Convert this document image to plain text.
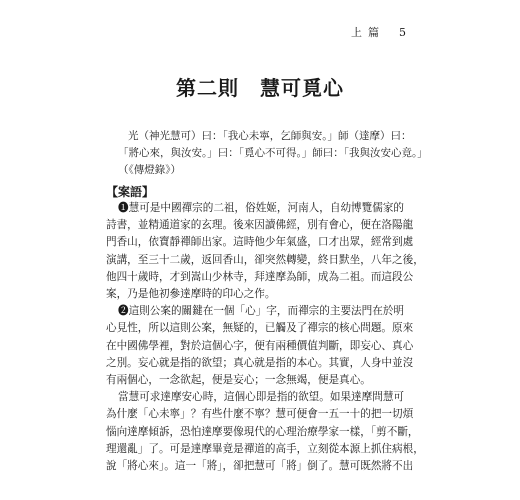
上篇 5
第二則　慧可覓心
光（神光慧可）曰：「我心未寧，乞師與安。」師（達摩）曰：
「將心來，與汝安。」曰：「覓心不可得。」師曰：「我與汝安心竟。」
（《傳燈錄》）
【案語】

❶慧可是中國禪宗的二祖，俗姓姬，河南人，自幼博覽儒家的
詩書，並精通道家的玄理。後來因讀佛經，別有會心，便在洛陽龍
門香山，依寶靜禪師出家。這時他少年氣盛，口才出眾，經常到處
演講，至三十二歲，返回香山，卻突然轉變，終日默坐，八年之後，
他四十歲時，才到嵩山少林寺，拜達摩為師，成為二祖。而這段公
案，乃是他初參達摩時的印心之作。

❷這則公案的關鍵在一個「心」字，而禪宗的主要法門在於明
心見性，所以這則公案，無疑的，已觸及了禪宗的核心問題。原來
在中國佛學裡，對於這個心字，便有兩種價值判斷，即妄心、真心
之別。妄心就是指的欲望；真心就是指的本心。其實，人身中並沒
有兩個心，一念欲起，便是妄心；一念無竭，便是真心。

當慧可求達摩安心時，這個心即是指的欲望。如果達摩問慧可
為什麼「心未寧」？有些什麼不寧？慧可便會一五一十的把一切煩
惱向達摩傾訴，恐怕達摩要像現代的心理治療學家一樣，「剪不斷，
理還亂」了。可是達摩畢竟是禪道的高手，立刻從本源上抓住病根，
說「將心來」。這一「將」，卻把慧可「將」倒了。慧可既然將不出
